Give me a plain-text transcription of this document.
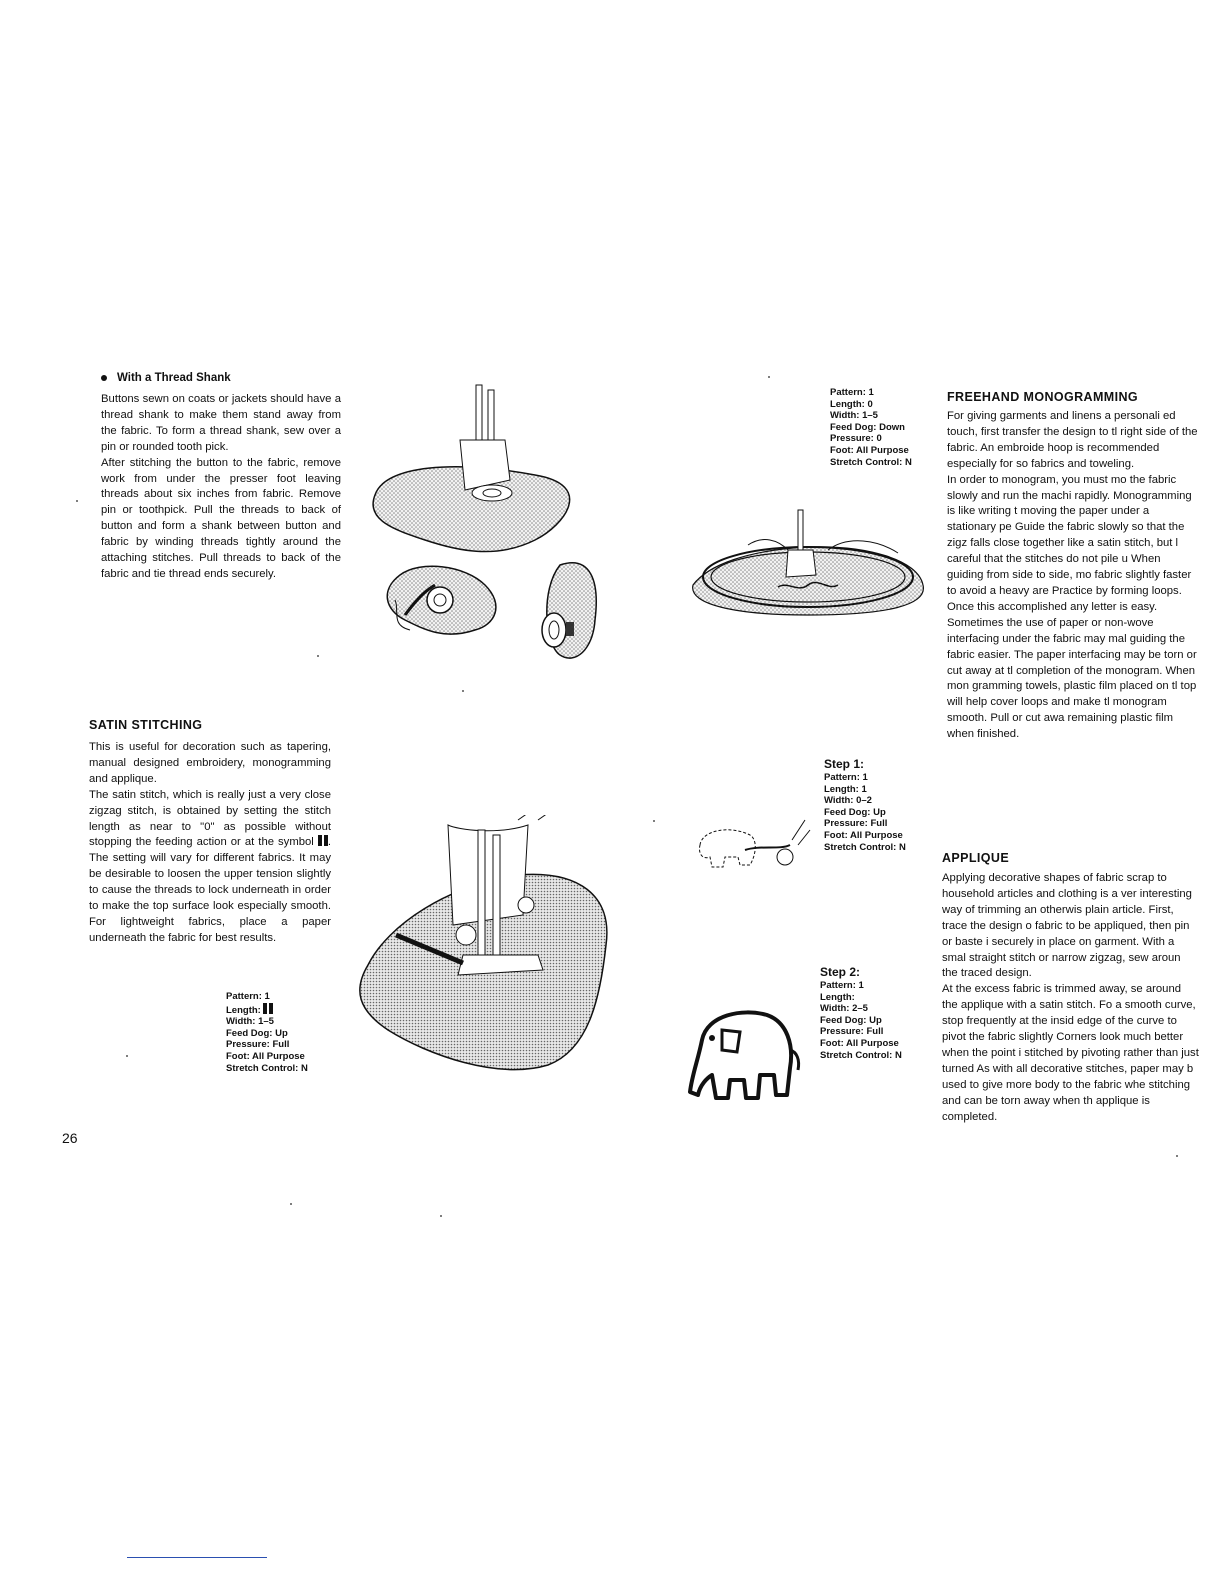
With a Thread Shank

Buttons sewn on coats or jackets should have a thread shank to make them stand away from the fabric. To form a thread shank, sew over a pin or rounded tooth pick.

After stitching the button to the fabric, remove work from under the presser foot leaving threads about six inches from fabric. Remove pin or toothpick. Pull the threads to back of button and form a shank between button and fabric by winding threads tightly around the attaching stitches. Pull threads to back of the fabric and tie thread ends securely.

SATIN STITCHING

This is useful for decoration such as tapering, manual designed embroidery, monogramming and applique.

The satin stitch, which is really just a very close zigzag stitch, is obtained by setting the stitch length as near to "0" as possible without stopping the feeding action or at the symbol . The setting will vary for different fabrics. It may be desirable to loosen the upper tension slightly to cause the threads to lock underneath in order to make the top surface look especially smooth. For lightweight fabrics, place a paper underneath the fabric for best results.

Pattern: 1
Length:
Width: 1–5
Feed Dog: Up
Pressure: Full
Foot: All Purpose
Stretch Control: N
Pattern: 1
Length: 0
Width: 1–5
Feed Dog: Down
Pressure: 0
Foot: All Purpose
Stretch Control: N
FREEHAND MONOGRAMMING

For giving garments and linens a personali ed touch, first transfer the design to tl right side of the fabric. An embroide hoop is recommended especially for so fabrics and toweling.

In order to monogram, you must mo the fabric slowly and run the machi rapidly. Monogramming is like writing t moving the paper under a stationary pe Guide the fabric slowly so that the zigz falls close together like a satin stitch, but l careful that the stitches do not pile u When guiding from side to side, mo fabric slightly faster to avoid a heavy are Practice by forming loops. Once this accomplished any letter is easy.

Sometimes the use of paper or non-wove interfacing under the fabric may mal guiding the fabric easier. The paper interfacing may be torn or cut away at tl completion of the monogram. When mon gramming towels, plastic film placed on tl top will help cover loops and make tl monogram smooth. Pull or cut awa remaining plastic film when finished.

Step 1:
Pattern: 1
Length: 1
Width: 0–2
Feed Dog: Up
Pressure: Full
Foot: All Purpose
Stretch Control: N
APPLIQUE

Applying decorative shapes of fabric scrap to household articles and clothing is a ver interesting way of trimming an otherwis plain article. First, trace the design o fabric to be appliqued, then pin or baste i securely in place on garment. With a smal straight stitch or narrow zigzag, sew aroun the traced design.

At the excess fabric is trimmed away, se around the applique with a satin stitch. Fo a smooth curve, stop frequently at the insid edge of the curve to pivot the fabric slightly Corners look much better when the point i stitched by pivoting rather than just turned As with all decorative stitches, paper may b used to give more body to the fabric whe stitching and can be torn away when th applique is completed.

Step 2:
Pattern: 1
Length:
Width: 2–5
Feed Dog: Up
Pressure: Full
Foot: All Purpose
Stretch Control: N
26
